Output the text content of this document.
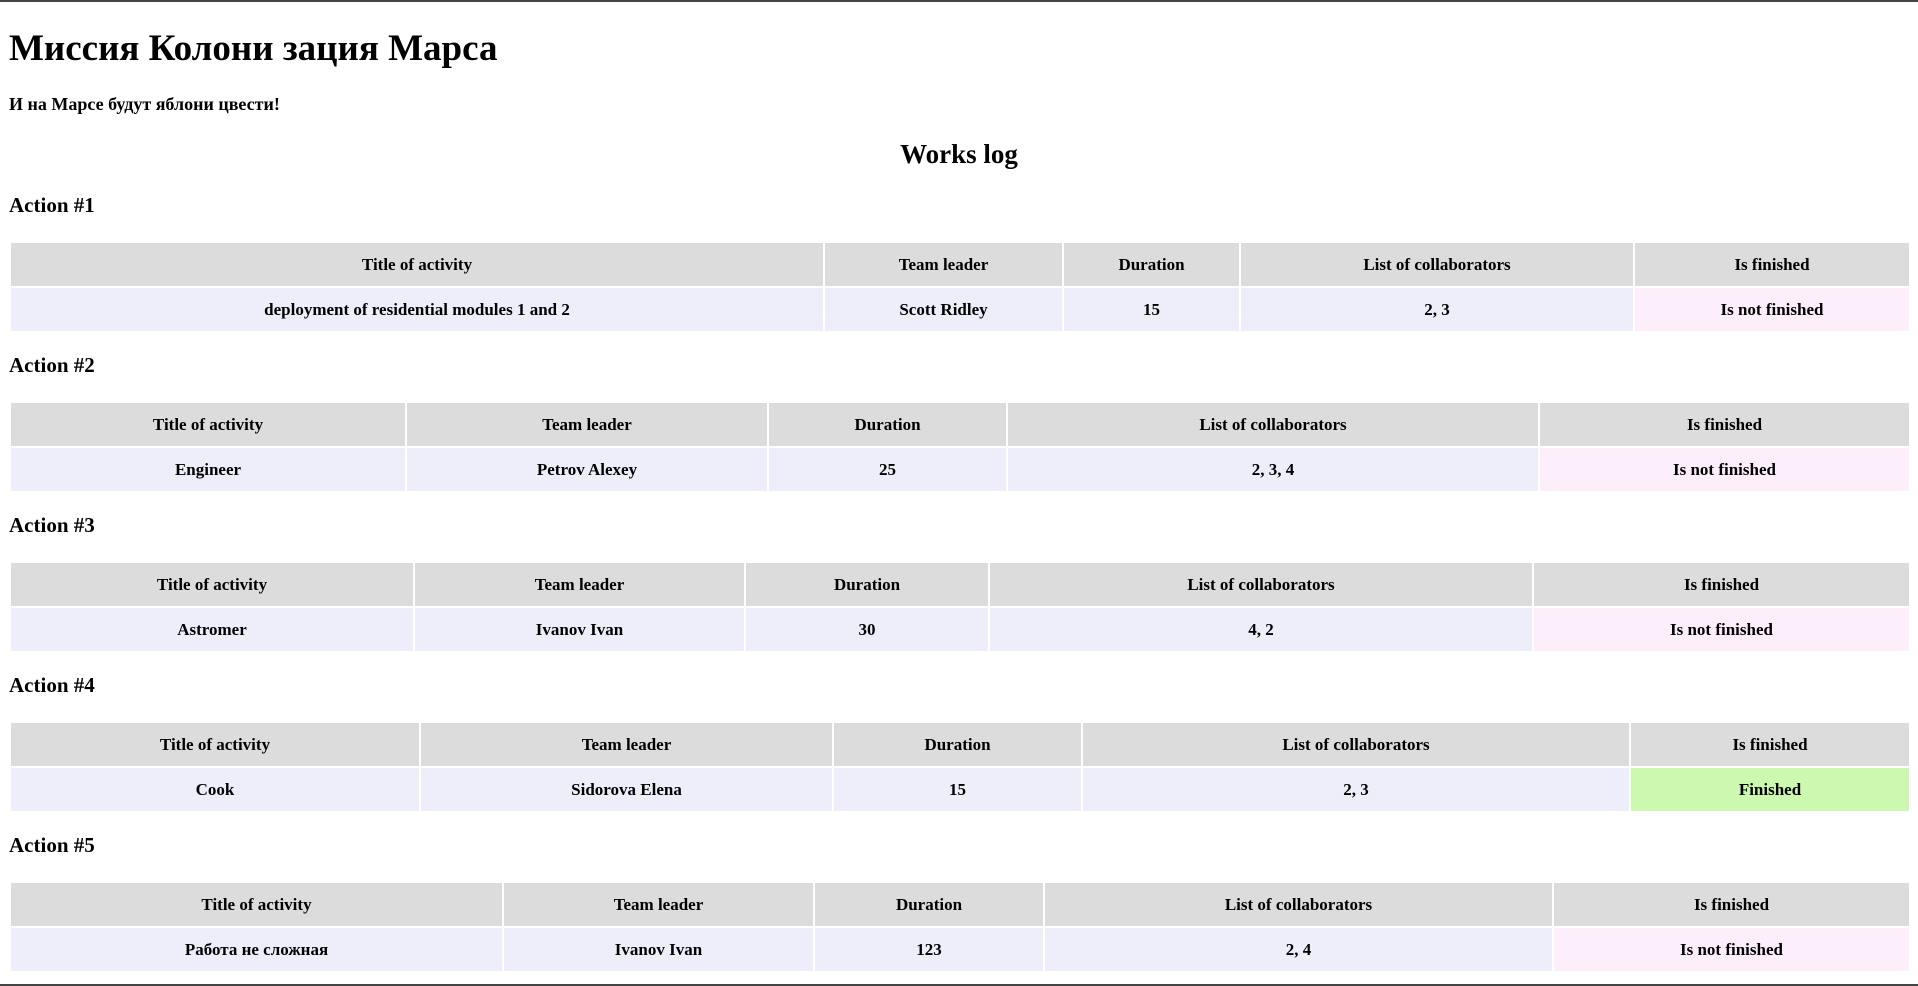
Миссия Колони зация Марса
И на Марсе будут яблони цвести!
Works log
Action #1
Title of activity	Team leader	Duration	List of collaborators	Is finished
deployment of residential modules 1 and 2	Scott Ridley	15	2, 3	Is not finished
Action #2
Title of activity	Team leader	Duration	List of collaborators	Is finished
Engineer	Petrov Alexey	25	2, 3, 4	Is not finished
Action #3
Title of activity	Team leader	Duration	List of collaborators	Is finished
Astromer	Ivanov Ivan	30	4, 2	Is not finished
Action #4
Title of activity	Team leader	Duration	List of collaborators	Is finished
Cook	Sidorova Elena	15	2, 3	Finished
Action #5
Title of activity	Team leader	Duration	List of collaborators	Is finished
Работа не сложная	Ivanov Ivan	123	2, 4	Is not finished
